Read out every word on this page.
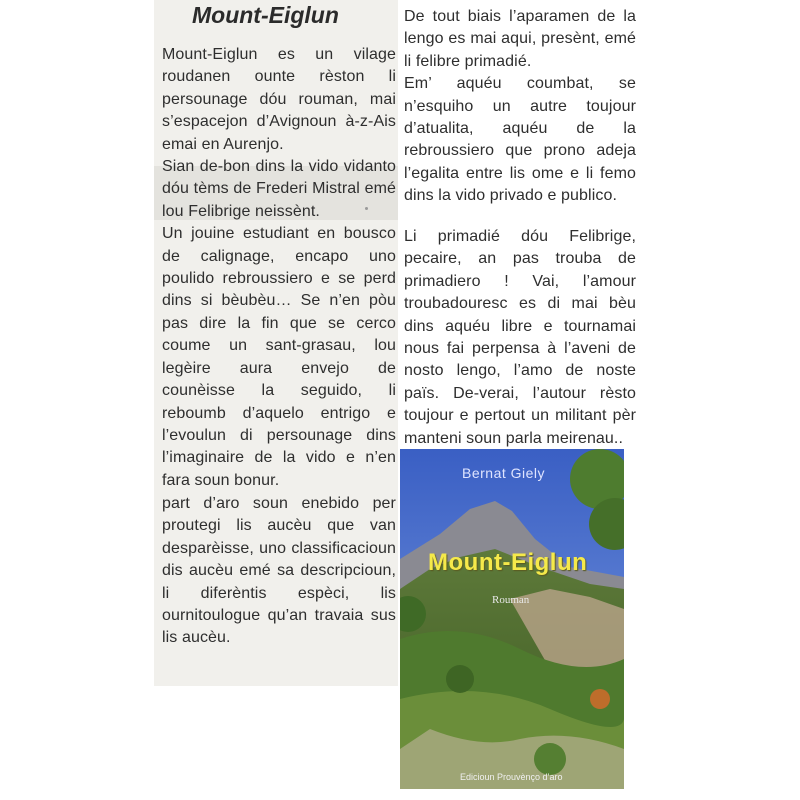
Mount-Eiglun

Mount-Eiglun es un vilage roudanen ounte rèston li persounage dóu rouman, mai s’espacejon d’Avignoun à-z-Ais emai en Aurenjo.

Sian de-bon dins la vido vidanto dóu tèms de Frederi Mistral emé lou Felibrige neissènt.

Un jouine estudiant en bousco de calignage, encapo uno poulido rebroussiero e se perd dins si bèubèu… Se n’en pòu pas dire la fin que se cerco coume un sant-grasau, lou legèire aura envejo de counèisse la seguido, li reboumb d’aquelo entrigo e l’evoulun di persounage dins l’imaginaire de la vido e n’en fara soun bonur.

part d’aro soun enebido per proutegi lis aucèu que van desparèisse, uno classificacioun dis aucèu emé sa descripcioun, li diferèntis espèci, lis ournitoulogue qu’an travaia sus lis aucèu.

De tout biais l’aparamen de la lengo es mai aqui, presènt, emé li felibre primadié.

Em’ aquéu coumbat, se n’esquiho un autre toujour d’atualita, aquéu de la rebroussiero que prono adeja l’egalita entre lis ome e li femo dins la vido privado e publico.

Li primadié dóu Felibrige, pecaire, an pas trouba de primadiero ! Vai, l’amour troubadouresc es di mai bèu dins aquéu libre e tournamai nous fai perpensa à l’aveni de nosto lengo, l’amo de noste païs. De-verai, l’autour rèsto toujour e pertout un militant pèr manteni soun parla meirenau..

Bernat Giely
Mount-Eiglun
Rouman
Edicioun Prouvènço d’aro
